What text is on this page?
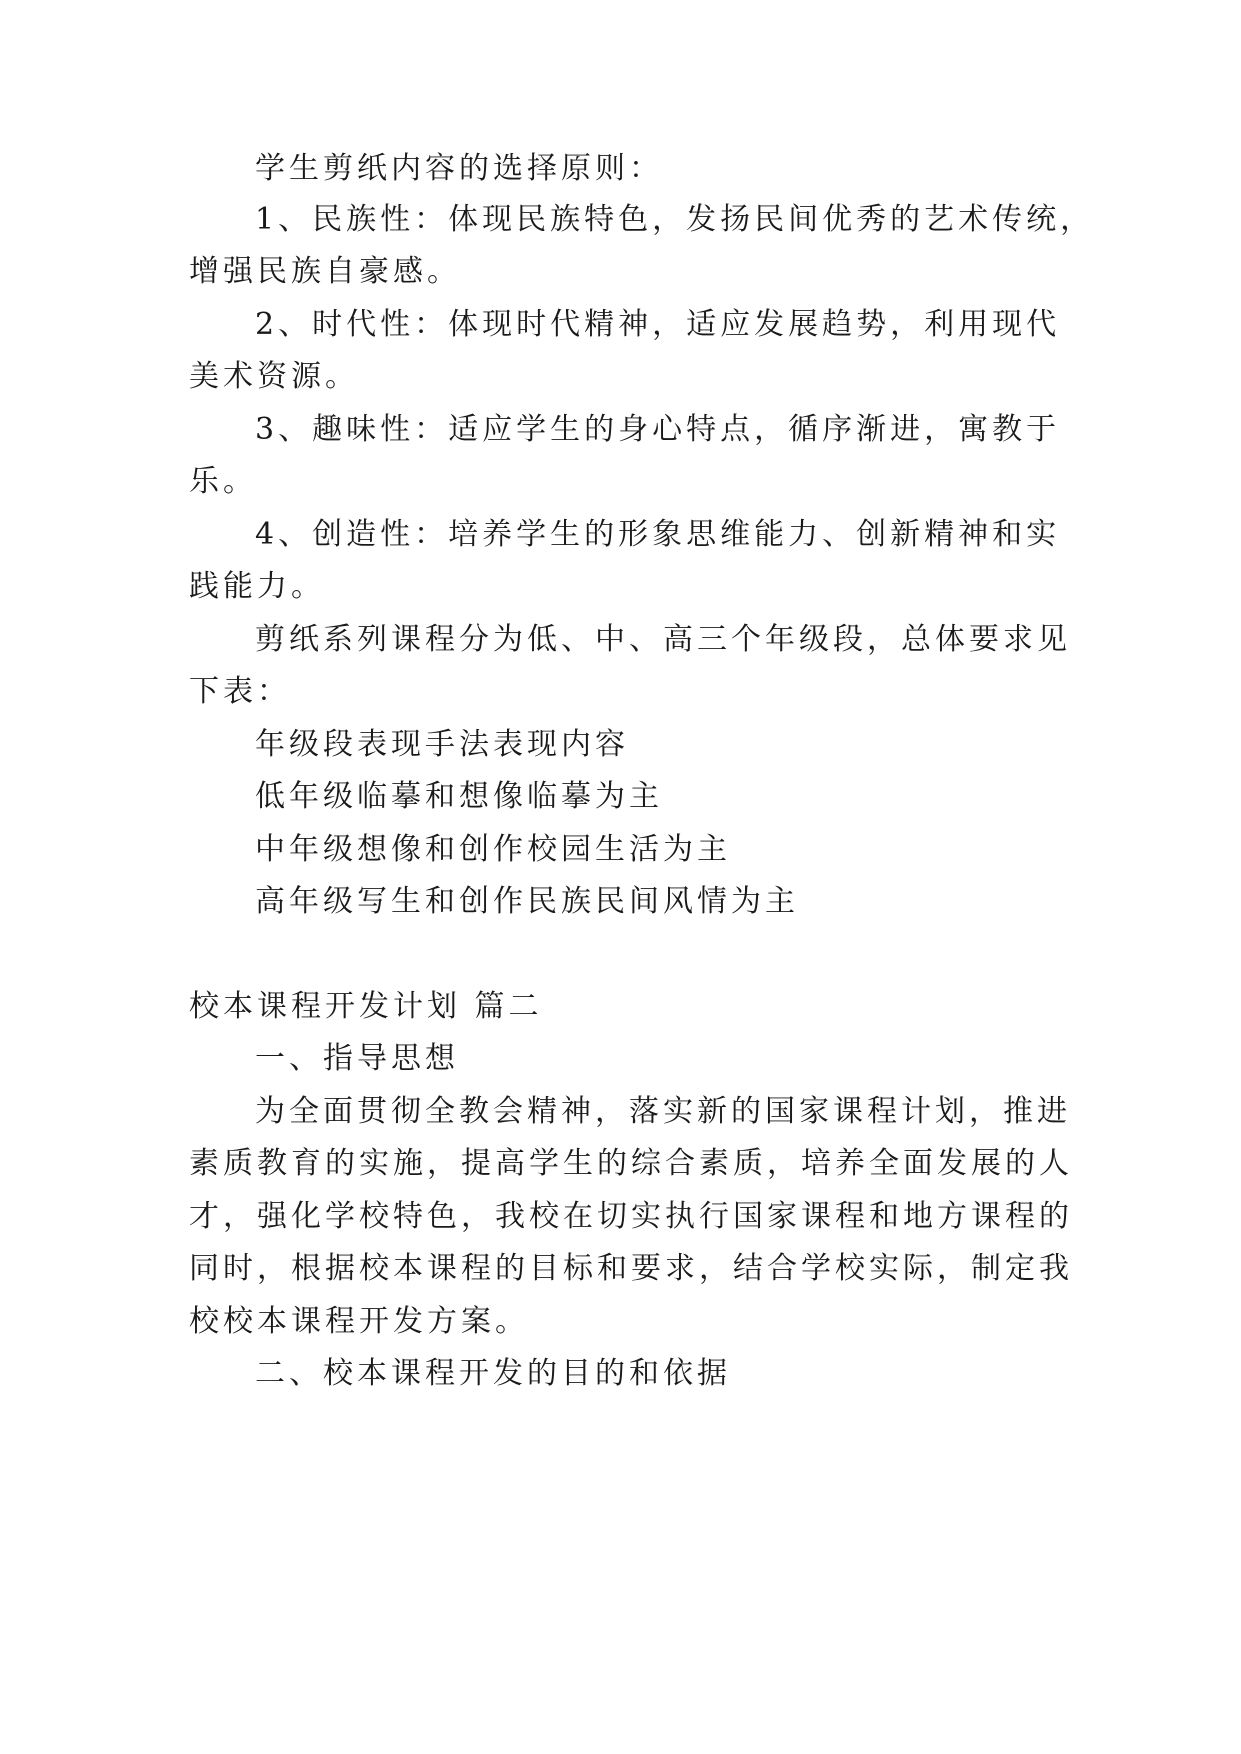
学生剪纸内容的选择原则：

1、民族性：体现民族特色，发扬民间优秀的艺术传统，

增强民族自豪感。

2、时代性：体现时代精神，适应发展趋势，利用现代

美术资源。

3、趣味性：适应学生的身心特点，循序渐进，寓教于

乐。

4、创造性：培养学生的形象思维能力、创新精神和实

践能力。

剪纸系列课程分为低、中、高三个年级段，总体要求见

下表：

年级段表现手法表现内容

低年级临摹和想像临摹为主

中年级想像和创作校园生活为主

高年级写生和创作民族民间风情为主

校本课程开发计划 篇二

一、指导思想

为全面贯彻全教会精神，落实新的国家课程计划，推进

素质教育的实施，提高学生的综合素质，培养全面发展的人

才，强化学校特色，我校在切实执行国家课程和地方课程的

同时，根据校本课程的目标和要求，结合学校实际，制定我

校校本课程开发方案。

二、校本课程开发的目的和依据
